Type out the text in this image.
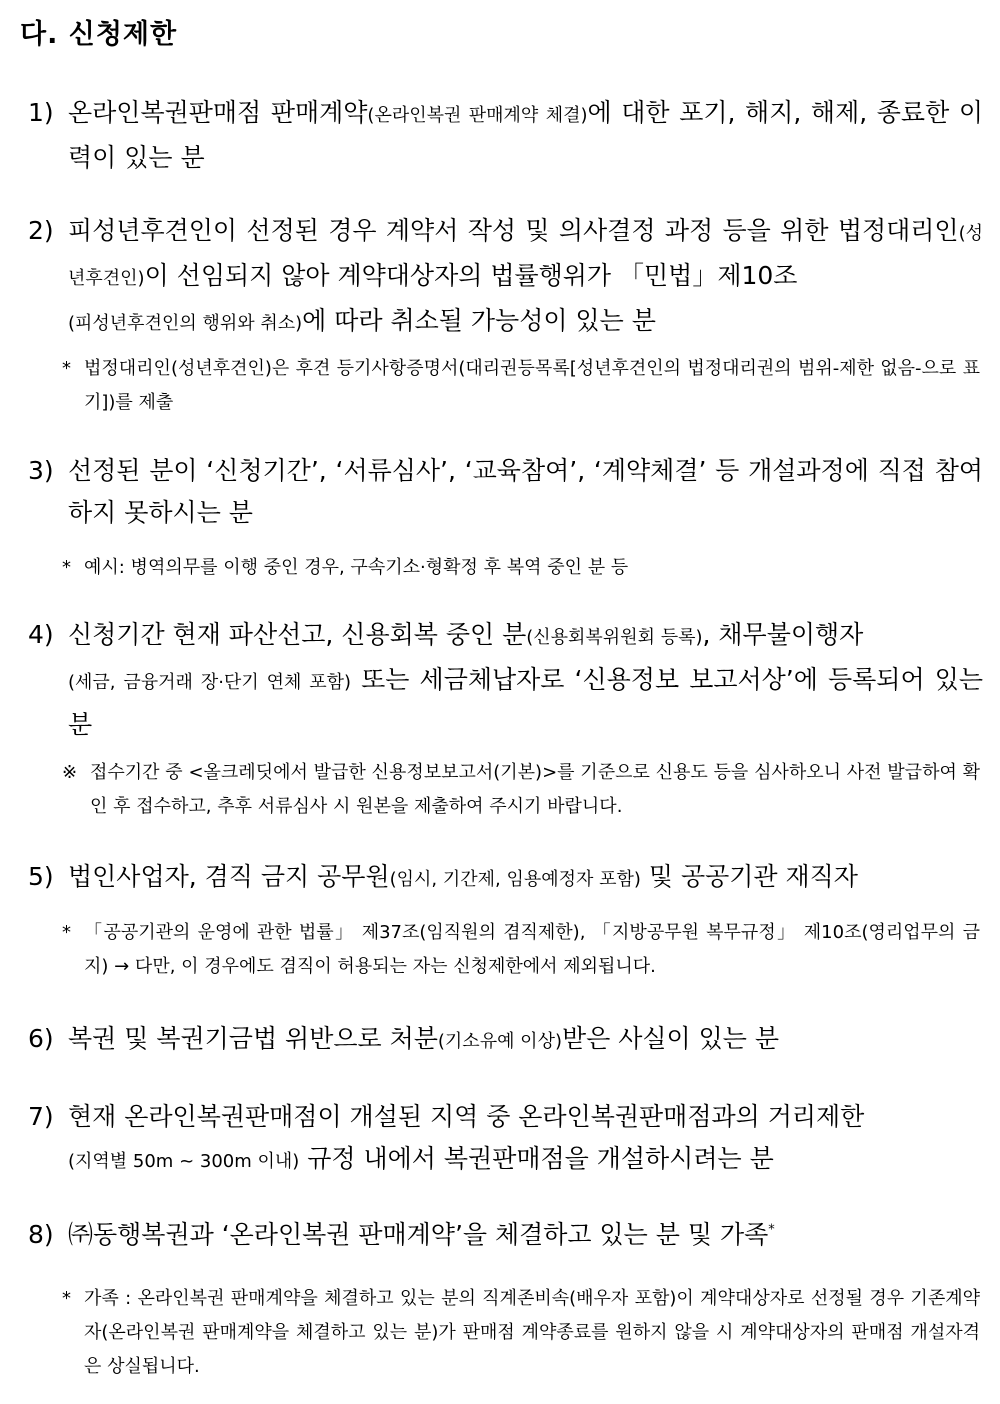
다. 신청제한
1) 온라인복권판매점 판매계약(온라인복권 판매계약 체결)에 대한 포기, 해지, 해제, 종료한 이력이 있는 분
2) 피성년후견인이 선정된 경우 계약서 작성 및 의사결정 과정 등을 위한 법정대리인(성년후견인)이 선임되지 않아 계약대상자의 법률행위가 「민법」제10조
(피성년후견인의 행위와 취소)에 따라 취소될 가능성이 있는 분
* 법정대리인(성년후견인)은 후견 등기사항증명서(대리권등목록[성년후견인의 법정대리권의 범위-제한 없음-으로 표기])를 제출
3) 선정된 분이 ‘신청기간’, ‘서류심사’, ‘교육참여’, ‘계약체결’ 등 개설과정에 직접 참여하지 못하시는 분
* 예시: 병역의무를 이행 중인 경우, 구속기소·형확정 후 복역 중인 분 등
4) 신청기간 현재 파산선고, 신용회복 중인 분(신용회복위원회 등록), 채무불이행자
(세금, 금융거래 장·단기 연체 포함) 또는 세금체납자로 ‘신용정보 보고서상’에 등록되어 있는 분
※ 접수기간 중 <올크레딧에서 발급한 신용정보보고서(기본)>를 기준으로 신용도 등을 심사하오니 사전 발급하여 확인 후 접수하고, 추후 서류심사 시 원본을 제출하여 주시기 바랍니다.
5) 법인사업자, 겸직 금지 공무원(임시, 기간제, 임용예정자 포함) 및 공공기관 재직자
* 「공공기관의 운영에 관한 법률」 제37조(임직원의 겸직제한), 「지방공무원 복무규정」 제10조(영리업무의 금지) → 다만, 이 경우에도 겸직이 허용되는 자는 신청제한에서 제외됩니다.
6) 복권 및 복권기금법 위반으로 처분(기소유예 이상)받은 사실이 있는 분
7) 현재 온라인복권판매점이 개설된 지역 중 온라인복권판매점과의 거리제한
(지역별 50m ~ 300m 이내) 규정 내에서 복권판매점을 개설하시려는 분
8) ㈜동행복권과 ‘온라인복권 판매계약’을 체결하고 있는 분 및 가족*
* 가족 : 온라인복권 판매계약을 체결하고 있는 분의 직계존비속(배우자 포함)이 계약대상자로 선정될 경우 기존계약자(온라인복권 판매계약을 체결하고 있는 분)가 판매점 계약종료를 원하지 않을 시 계약대상자의 판매점 개설자격은 상실됩니다.
